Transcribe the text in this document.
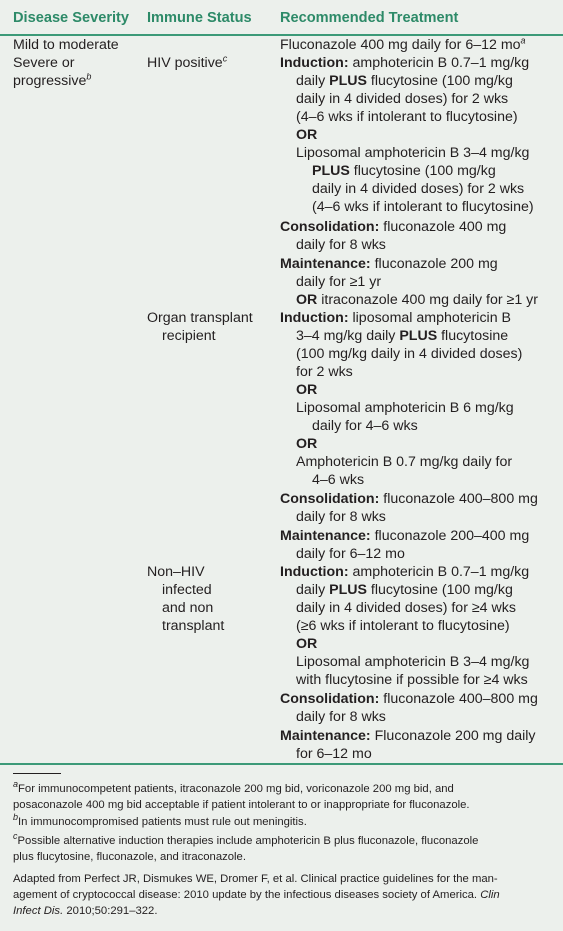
Disease Severity Immune Status Recommended Treatment
Mild to moderate
Severe or
progressive$^b$
HIV positive$^c$
Organ transplant
recipient
Non–HIV
infected
and non
transplant
Fluconazole 400 mg daily for 6–12 $mo^a$
Induction: amphotericin B 0.7–1 mg/kg
daily PLUS flucytosine (100 mg/kg
daily in 4 divided doses) for 2 wks
(4–6 wks if intolerant to flucytosine)
OR
Liposomal amphotericin B 3–4 mg/kg
PLUS flucytosine (100 mg/kg
daily in 4 divided doses) for 2 wks
(4–6 wks if intolerant to flucytosine)
Consolidation: fluconazole 400 mg
daily for 8 wks
Maintenance: fluconazole 200 mg
daily for ≥1 yr
OR itraconazole 400 mg daily for ≥1 yr
Induction: liposomal amphotericin B
3–4 mg/kg daily PLUS flucytosine
(100 mg/kg daily in 4 divided doses)
for 2 wks
OR
Liposomal amphotericin B 6 mg/kg
daily for 4–6 wks
OR
Amphotericin B 0.7 mg/kg daily for
4–6 wks
Consolidation: fluconazole 400–800 mg
daily for 8 wks
Maintenance: fluconazole 200–400 mg
daily for 6–12 mo
Induction: amphotericin B 0.7–1 mg/kg
daily PLUS flucytosine (100 mg/kg
daily in 4 divided doses) for ≥4 wks
(≥6 wks if intolerant to flucytosine)
OR
Liposomal amphotericin B 3–4 mg/kg
with flucytosine if possible for ≥4 wks
Consolidation: fluconazole 400–800 mg
daily for 8 wks
Maintenance: Fluconazole 200 mg daily
for 6–12 mo
$^a$For immunocompetent patients, itraconazole 200 mg bid, voriconazole 200 mg bid, and
posaconazole 400 mg bid acceptable if patient intolerant to or inappropriate for fluconazole.
$^b$In immunocompromised patients must rule out meningitis.
$^c$Possible alternative induction therapies include amphotericin B plus fluconazole, fluconazole
plus flucytosine, fluconazole, and itraconazole.
Adapted from Perfect JR, Dismukes WE, Dromer F, et al. Clinical practice guidelines for the man-
agement of cryptococcal disease: 2010 update by the infectious diseases society of America. Clin
Infect Dis. 2010;50:291–322.
